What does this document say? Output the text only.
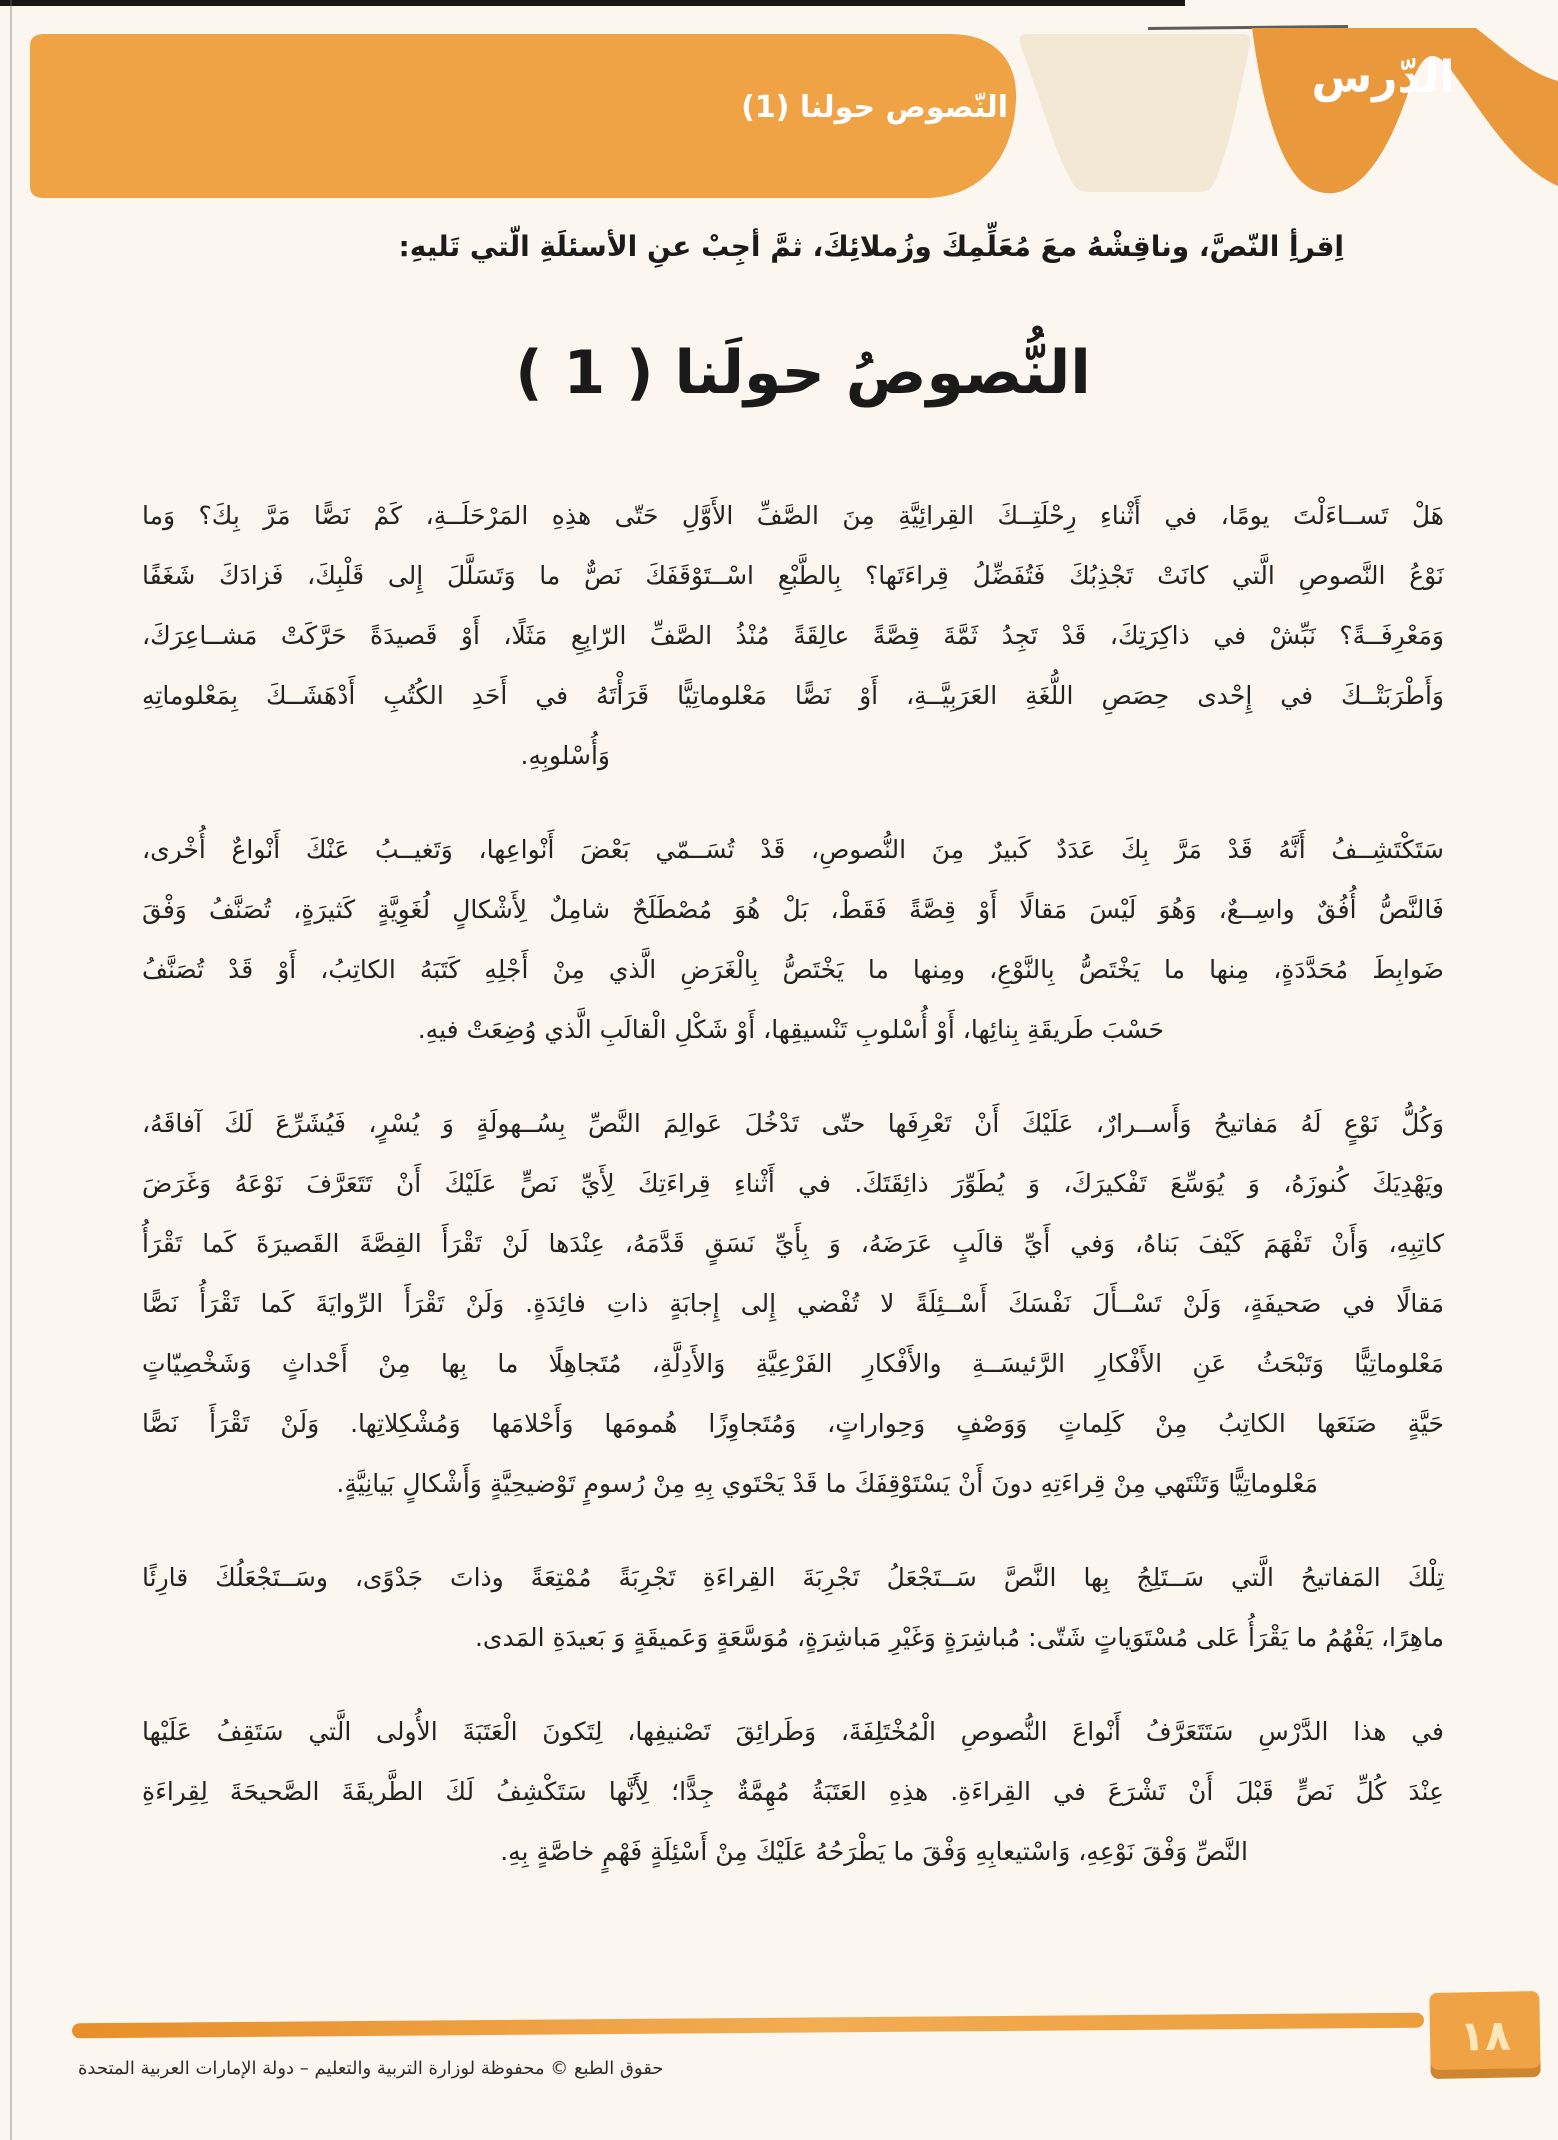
النّصوص حولنا (1)
الدّرس
اِقرأِ النّصَّ، وناقِشْهُ معَ مُعَلِّمِكَ وزُملائِكَ، ثمَّ أجِبْ عنِ الأسئلَةِ الّتي تَليهِ:
النُّصوصُ حولَنا ( 1 )
هَلْ تَســاءَلْتَ يومًا، في أَثْناءِ رِحْلَتِــكَ القِرائِيَّةِ مِنَ الصَّفِّ الأَوَّلِ حَتّى هذِهِ المَرْحَلَــةِ، كَمْ نَصًّا مَرَّ بِكَ؟ وَما
نَوْعُ النَّصوصِ الَّتي كانَتْ تَجْذِبُكَ فَتُفَضِّلُ قِراءَتَها؟ بِالطَّبْعِ اسْــتَوْقَفَكَ نَصٌّ ما وَتَسَلَّلَ إِلى قَلْبِكَ، فَزادَكَ شَغَفًا
وَمَعْرِفَــةً؟ نَبِّشْ في ذاكِرَتِكَ، قَدْ تَجِدُ ثَمَّةَ قِصَّةً عالِقَةً مُنْذُ الصَّفِّ الرّابِعِ مَثَلًا، أَوْ قَصيدَةً حَرَّكَتْ مَشــاعِرَكَ،
وَأَطْرَبَتْــكَ في إِحْدى حِصَصِ اللُّغَةِ العَرَبِيَّــةِ، أَوْ نَصًّا مَعْلوماتِيًّا قَرَأْتَهُ في أَحَدِ الكُتُبِ أَدْهَشَــكَ بِمَعْلوماتِهِ
وَأُسْلوبِهِ.
سَتَكْتَشِــفُ أَنَّهُ قَدْ مَرَّ بِكَ عَدَدٌ كَبيرٌ مِنَ النُّصوصِ، قَدْ تُسَــمّي بَعْضَ أَنْواعِها، وَتَغيــبُ عَنْكَ أَنْواعٌ أُخْرى،
فَالنَّصُّ أُفُقٌ واسِــعٌ، وَهُوَ لَيْسَ مَقالًا أَوْ قِصَّةً فَقَطْ، بَلْ هُوَ مُصْطَلَحٌ شامِلٌ لِأَشْكالٍ لُغَوِيَّةٍ كَثيرَةٍ، تُصَنَّفُ وَفْقَ
ضَوابِطَ مُحَدَّدَةٍ، مِنها ما يَخْتَصُّ بِالنَّوْعِ، ومِنها ما يَخْتَصُّ بِالْغَرَضِ الَّذي مِنْ أَجْلِهِ كَتَبَهُ الكاتِبُ، أَوْ قَدْ تُصَنَّفُ
حَسْبَ طَريقَةِ بِنائِها، أَوْ أُسْلوبِ تَنْسيقِها، أَوْ شَكْلِ الْقالَبِ الَّذي وُضِعَتْ فيهِ.
وَكُلُّ نَوْعٍ لَهُ مَفاتيحُ وَأَســرارٌ، عَلَيْكَ أَنْ تَعْرِفَها حتّى تَدْخُلَ عَوالِمَ النَّصِّ بِسُــهولَةٍ وَ يُسْرٍ، فَيُشَرِّعَ لَكَ آفاقَهُ،
ويَهْدِيَكَ كُنوزَهُ، وَ يُوَسِّعَ تَفْكيرَكَ، وَ يُطَوِّرَ ذائِقَتَكَ. في أَثْناءِ قِراءَتِكَ لِأَيِّ نَصٍّ عَلَيْكَ أَنْ تَتَعَرَّفَ نَوْعَهُ وَغَرَضَ
كاتِبِهِ، وَأَنْ تَفْهَمَ كَيْفَ بَناهُ، وَفي أَيِّ قالَبٍ عَرَضَهُ، وَ بِأَيِّ نَسَقٍ قَدَّمَهُ، عِنْدَها لَنْ تَقْرَأَ القِصَّةَ القَصيرَةَ كَما تَقْرَأُ
مَقالًا في صَحيفَةٍ، وَلَنْ تَسْــأَلَ نَفْسَكَ أَسْــئِلَةً لا تُفْضي إِلى إِجابَةٍ ذاتِ فائِدَةٍ. وَلَنْ تَقْرَأَ الرِّوايَةَ كَما تَقْرَأُ نَصًّا
مَعْلوماتِيًّا وَتَبْحَثُ عَنِ الأَفْكارِ الرَّئيسَــةِ والأَفْكارِ الفَرْعِيَّةِ وَالأَدِلَّةِ، مُتَجاهِلًا ما بِها مِنْ أَحْداثٍ وَشَخْصِيّاتٍ
حَيَّةٍ صَنَعَها الكاتِبُ مِنْ كَلِماتٍ وَوَصْفٍ وَحِواراتٍ، وَمُتَجاوِزًا هُمومَها وَأَحْلامَها وَمُشْكِلاتِها. وَلَنْ تَقْرَأَ نَصًّا
مَعْلوماتِيًّا وَتَنْتَهي مِنْ قِراءَتِهِ دونَ أَنْ يَسْتَوْقِفَكَ ما قَدْ يَحْتَوي بِهِ مِنْ رُسومٍ تَوْضيحِيَّةٍ وَأَشْكالٍ بَيانِيَّةٍ.
تِلْكَ المَفاتيحُ الَّتي سَــتَلِجُ بِها النَّصَّ سَــتَجْعَلُ تَجْرِبَةَ القِراءَةِ تَجْرِبَةً مُمْتِعَةً وذاتَ جَدْوًى، وسَــتَجْعَلُكَ قارِئًا
ماهِرًا، يَفْهُمُ ما يَقْرَأُ عَلى مُسْتَوَياتٍ شَتّى: مُباشِرَةٍ وَغَيْرِ مَباشِرَةٍ، مُوَسَّعَةٍ وَعَميقَةٍ وَ بَعيدَةِ المَدى.
في هذا الدَّرْسِ سَتَتَعَرَّفُ أَنْواعَ النُّصوصِ الْمُخْتَلِفَةَ، وَطَرائِقَ تَصْنيفِها، لِتَكونَ الْعَتَبَةَ الأُولى الَّتي سَتَقِفُ عَلَيْها
عِنْدَ كُلِّ نَصٍّ قَبْلَ أَنْ تَشْرَعَ في القِراءَةِ. هذِهِ العَتَبَةُ مُهِمَّةٌ جِدًّا؛ لِأَنَّها سَتَكْشِفُ لَكَ الطَّريقَةَ الصَّحيحَةَ لِقِراءَةِ
النَّصِّ وَفْقَ نَوْعِهِ، وَاسْتيعابِهِ وَفْقَ ما يَطْرَحُهُ عَلَيْكَ مِنْ أَسْئِلَةٍ فَهْمٍ خاصَّةٍ بِهِ.
١٨
حقوق الطبع © محفوظة لوزارة التربية والتعليم – دولة الإمارات العربية المتحدة
